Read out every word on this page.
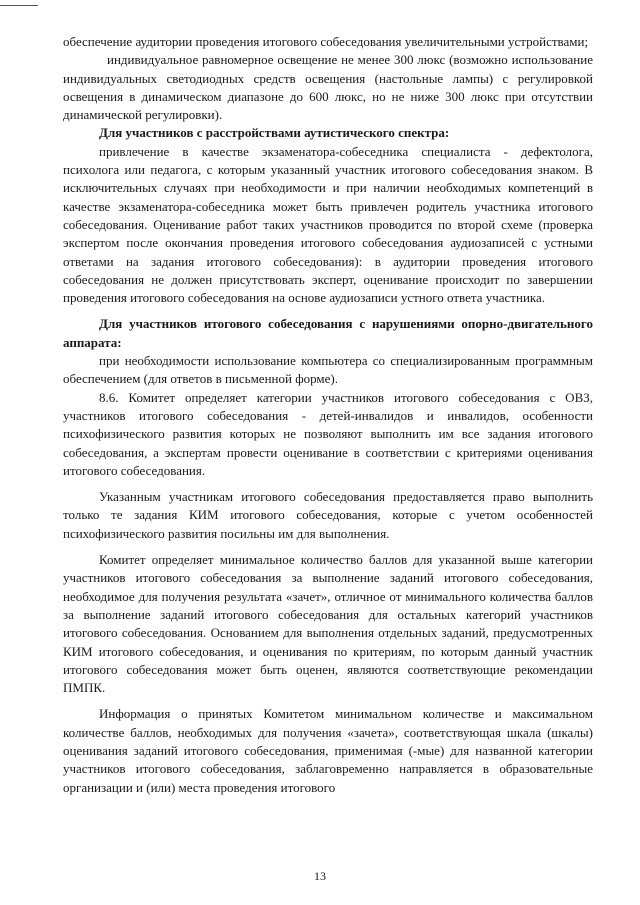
обеспечение аудитории проведения итогового собеседования увеличительными устройствами;

индивидуальное равномерное освещение не менее 300 люкс (возможно использование индивидуальных светодиодных средств освещения (настольные лампы) с регулировкой освещения в динамическом диапазоне до 600 люкс, но не ниже 300 люкс при отсутствии динамической регулировки).

Для участников с расстройствами аутистического спектра:

привлечение в качестве экзаменатора-собеседника специалиста - дефектолога, психолога или педагога, с которым указанный участник итогового собеседования знаком. В исключительных случаях при необходимости и при наличии необходимых компетенций в качестве экзаменатора-собеседника может быть привлечен родитель участника итогового собеседования. Оценивание работ таких участников проводится по второй схеме (проверка экспертом после окончания проведения итогового собеседования аудиозаписей с устными ответами на задания итогового собеседования): в аудитории проведения итогового собеседования не должен присутствовать эксперт, оценивание происходит по завершении проведения итогового собеседования на основе аудиозаписи устного ответа участника.

Для участников итогового собеседования с нарушениями опорно-двигательного аппарата:

при необходимости использование компьютера со специализированным программным обеспечением (для ответов в письменной форме).

8.6. Комитет определяет категории участников итогового собеседования с ОВЗ, участников итогового собеседования - детей-инвалидов и инвалидов, особенности психофизического развития которых не позволяют выполнить им все задания итогового собеседования, а экспертам провести оценивание в соответствии с критериями оценивания итогового собеседования.

Указанным участникам итогового собеседования предоставляется право выполнить только те задания КИМ итогового собеседования, которые с учетом особенностей психофизического развития посильны им для выполнения.

Комитет определяет минимальное количество баллов для указанной выше категории участников итогового собеседования за выполнение заданий итогового собеседования, необходимое для получения результата «зачет», отличное от минимального количества баллов за выполнение заданий итогового собеседования для остальных категорий участников итогового собеседования. Основанием для выполнения отдельных заданий, предусмотренных КИМ итогового собеседования, и оценивания по критериям, по которым данный участник итогового собеседования может быть оценен, являются соответствующие рекомендации ПМПК.

Информация о принятых Комитетом минимальном количестве и максимальном количестве баллов, необходимых для получения «зачета», соответствующая шкала (шкалы) оценивания заданий итогового собеседования, применимая (-мые) для названной категории участников итогового собеседования, заблаговременно направляется в образовательные организации и (или) места проведения итогового

13
